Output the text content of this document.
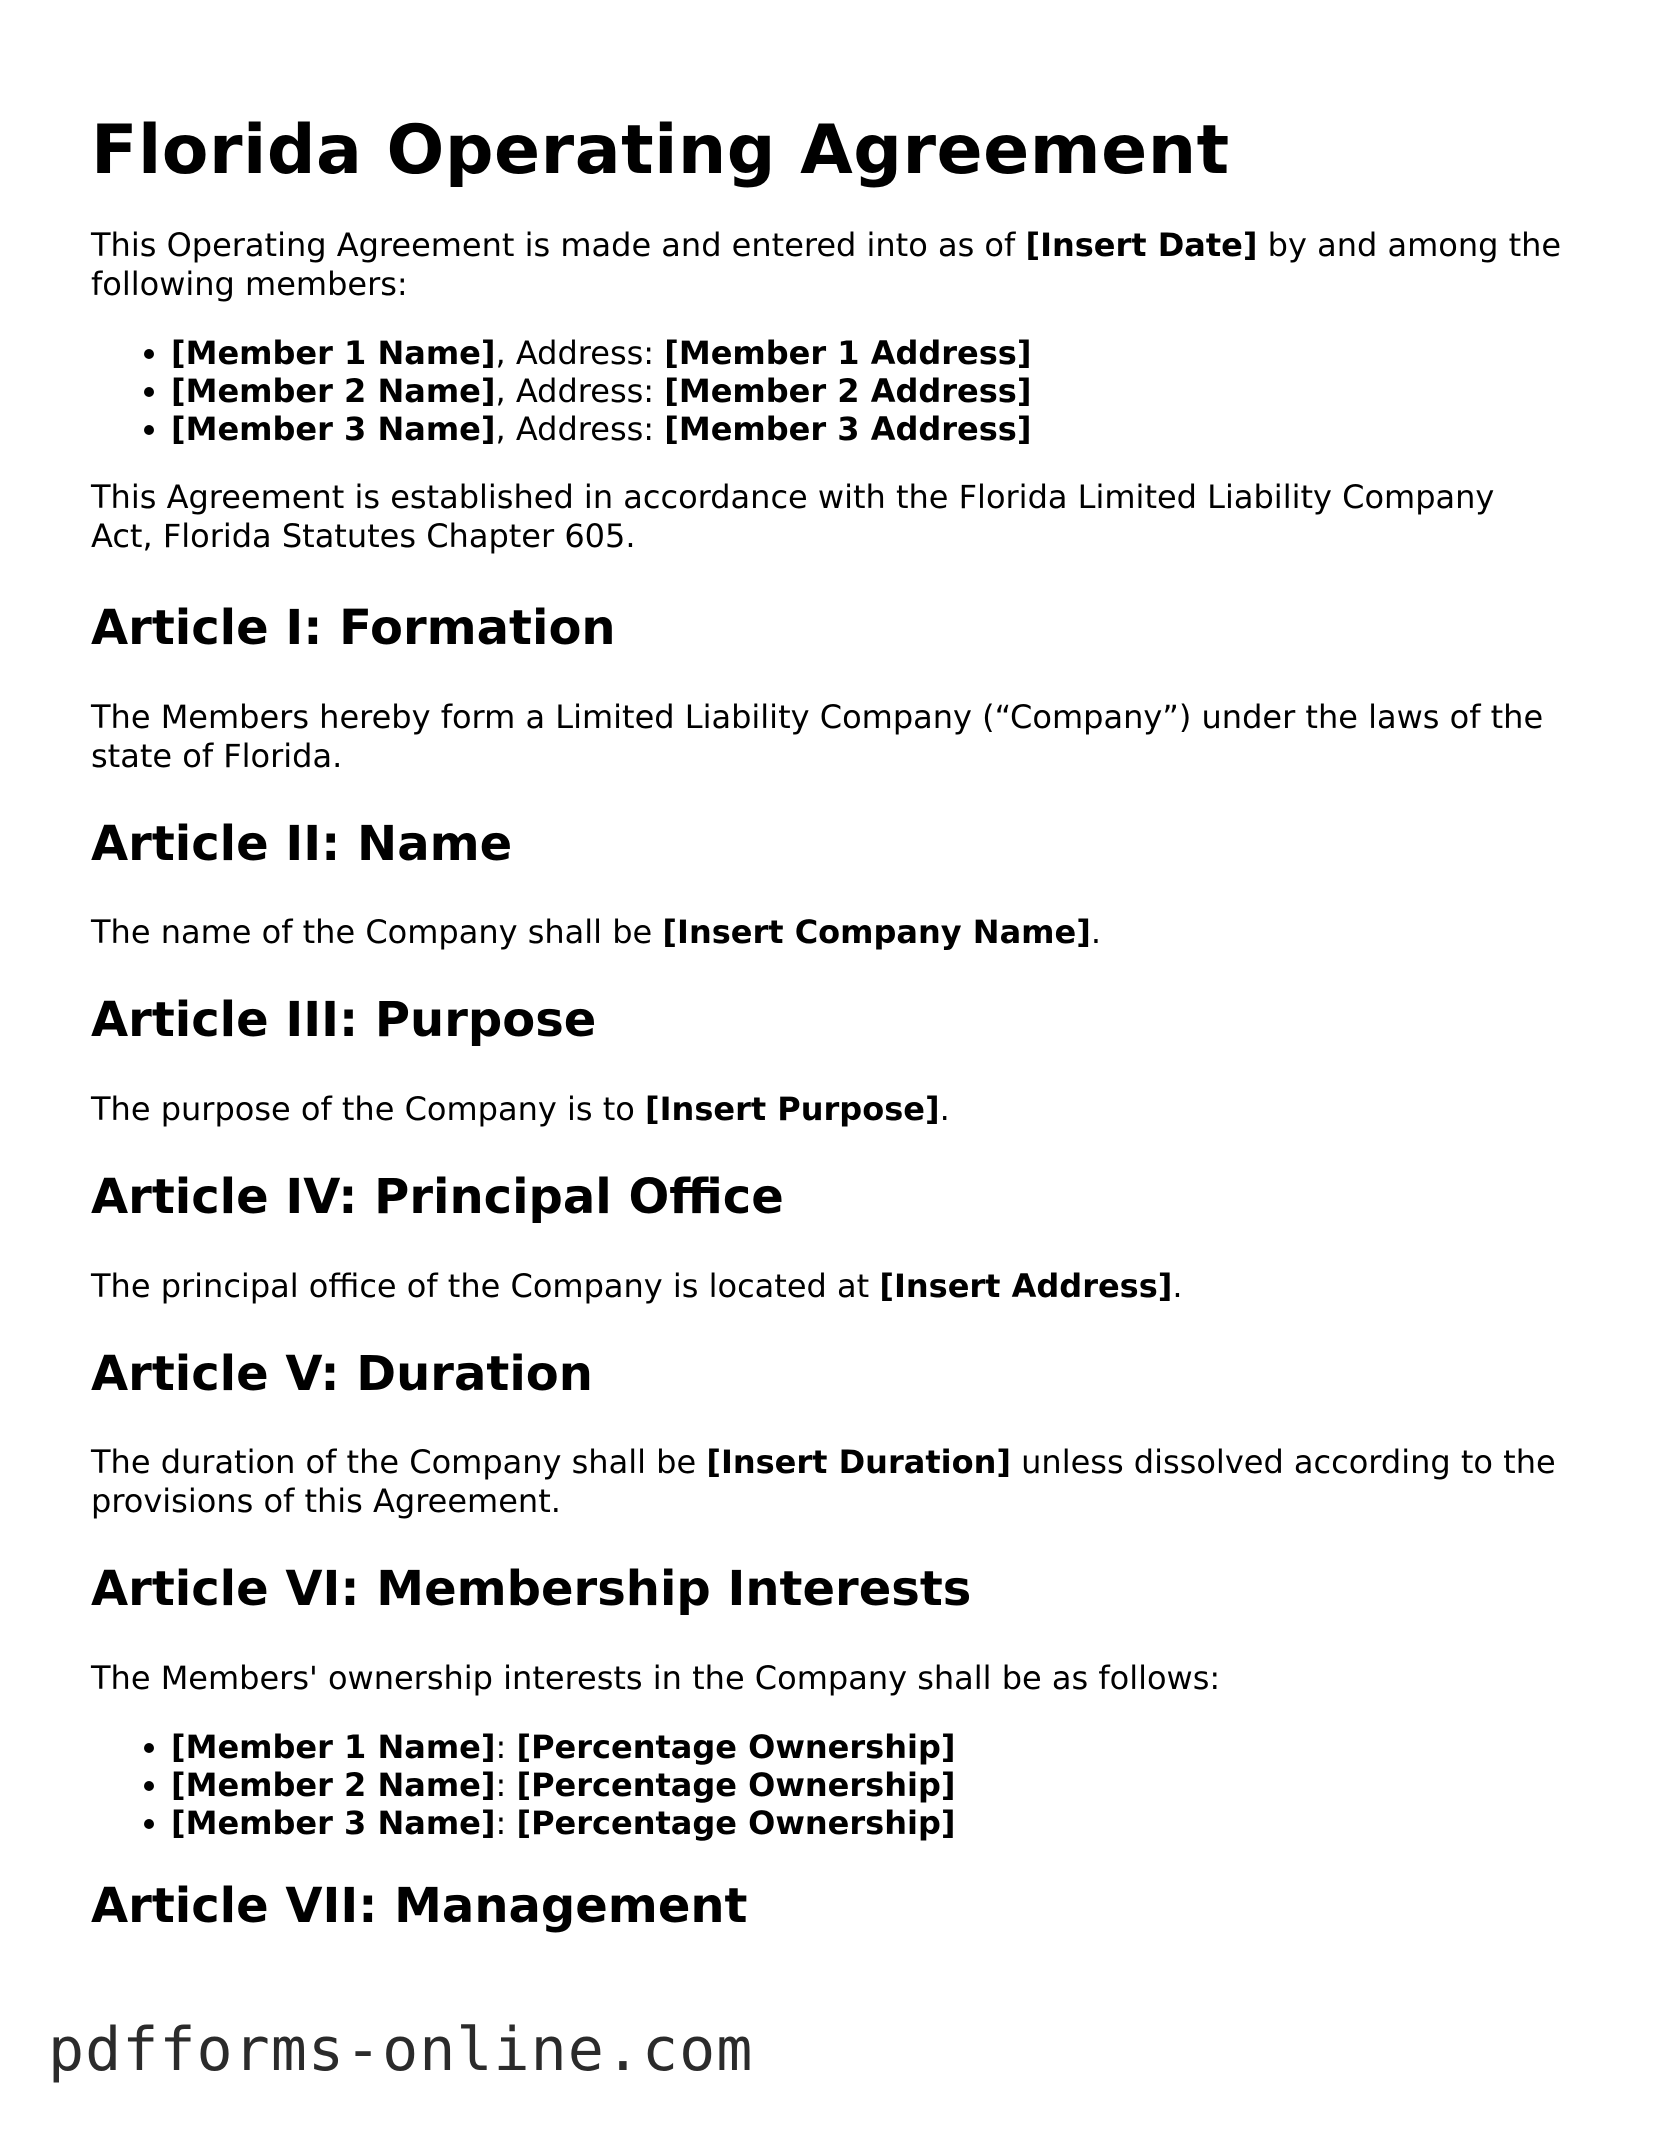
Florida Operating Agreement

This Operating Agreement is made and entered into as of [Insert Date] by and among the following members:

• [Member 1 Name], Address: [Member 1 Address]
• [Member 2 Name], Address: [Member 2 Address]
• [Member 3 Name], Address: [Member 3 Address]

This Agreement is established in accordance with the Florida Limited Liability Company Act, Florida Statutes Chapter 605.

Article I: Formation

The Members hereby form a Limited Liability Company (“Company”) under the laws of the state of Florida.

Article II: Name

The name of the Company shall be [Insert Company Name].

Article III: Purpose

The purpose of the Company is to [Insert Purpose].

Article IV: Principal Office

The principal office of the Company is located at [Insert Address].

Article V: Duration

The duration of the Company shall be [Insert Duration] unless dissolved according to the provisions of this Agreement.

Article VI: Membership Interests

The Members' ownership interests in the Company shall be as follows:

• [Member 1 Name]: [Percentage Ownership]
• [Member 2 Name]: [Percentage Ownership]
• [Member 3 Name]: [Percentage Ownership]
Article VII: Management
pdfforms-online.com
